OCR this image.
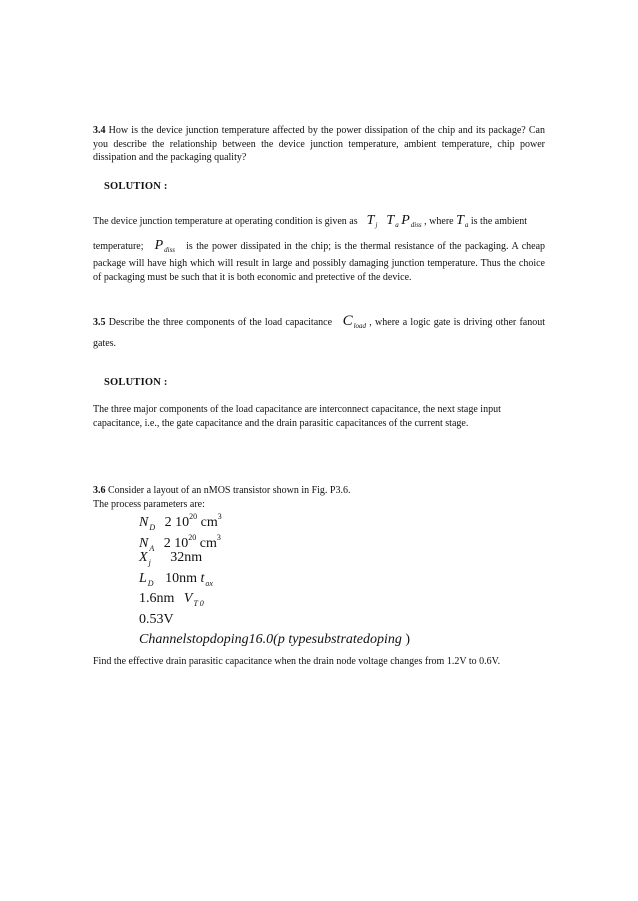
3.4 How is the device junction temperature affected by the power dissipation of the chip and its package? Can you describe the relationship between the device junction temperature, ambient temperature, chip power dissipation and the packaging quality?
SOLUTION :
The device junction temperature at operating condition is given as $T_j$ $T_a$ $P_{diss}$ , where $T_a$ is the ambient
temperature; $P_{diss}$ is the power dissipated in the chip; is the thermal resistance of the packaging. A cheap package will have high which will result in large and possibly damaging junction temperature. Thus the choice of packaging must be such that it is both economic and pretective of the device.
3.5 Describe the three components of the load capacitance $C_{load}$ , where a logic gate is driving other fanout gates.
SOLUTION :
The three major components of the load capacitance are interconnect capacitance, the next stage input capacitance, i.e., the gate capacitance and the drain parasitic capacitances of the current stage.
3.6 Consider a layout of an nMOS transistor shown in Fig. P3.6.
The process parameters are:
$N_D$ 2 $10^{20}$ $cm^3$
$N_A$ 2 $10^{20}$ $cm^3$
$X_j$ 32nm
$L_D$ 10nm $t_{ox}$
1.6nm $V_{T 0}$
0.53V
Channelstopdoping16.0(p typesubstratedoping )
Find the effective drain parasitic capacitance when the drain node voltage changes from 1.2V to 0.6V.
